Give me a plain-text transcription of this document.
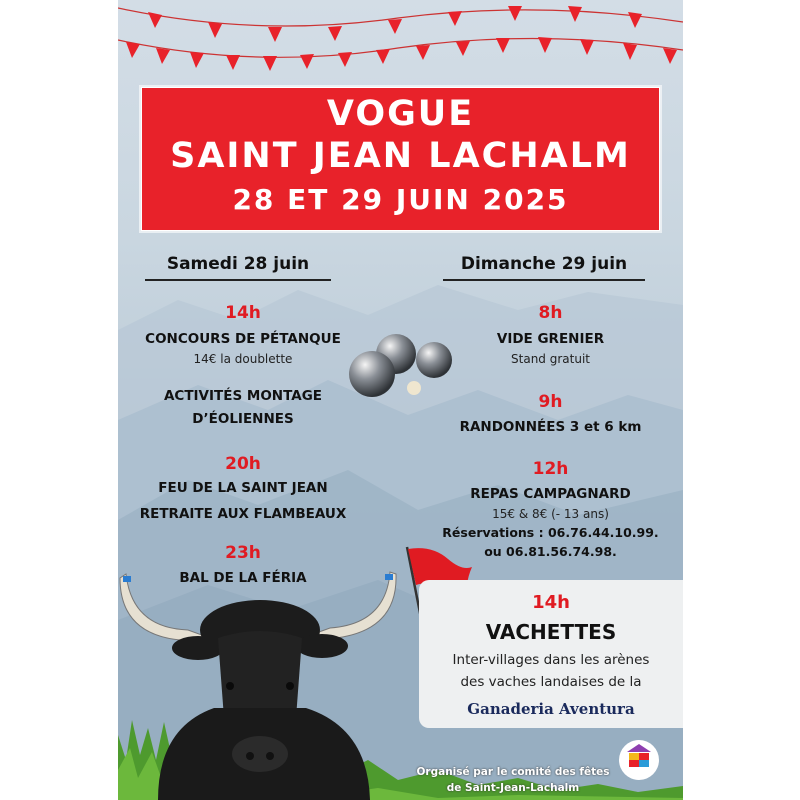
VOGUE
SAINT JEAN LACHALM
28 ET 29 JUIN 2025
Samedi 28 juin
14h
CONCOURS DE PÉTANQUE
14€ la doublette
ACTIVITÉS MONTAGE
D’ÉOLIENNES
20h
FEU DE LA SAINT JEAN
RETRAITE AUX FLAMBEAUX
23h
BAL DE LA FÉRIA
Dimanche 29 juin
8h
VIDE GRENIER
Stand gratuit
9h
RANDONNÉES 3 et 6 km
12h
REPAS CAMPAGNARD
15€ & 8€ (- 13 ans)
Réservations : 06.76.44.10.99.
ou 06.81.56.74.98.
14h
VACHETTES
Inter-villages dans les arènes
des vaches landaises de la
Ganaderia Aventura
Organisé par le comité des fêtes
de Saint-Jean-Lachalm
